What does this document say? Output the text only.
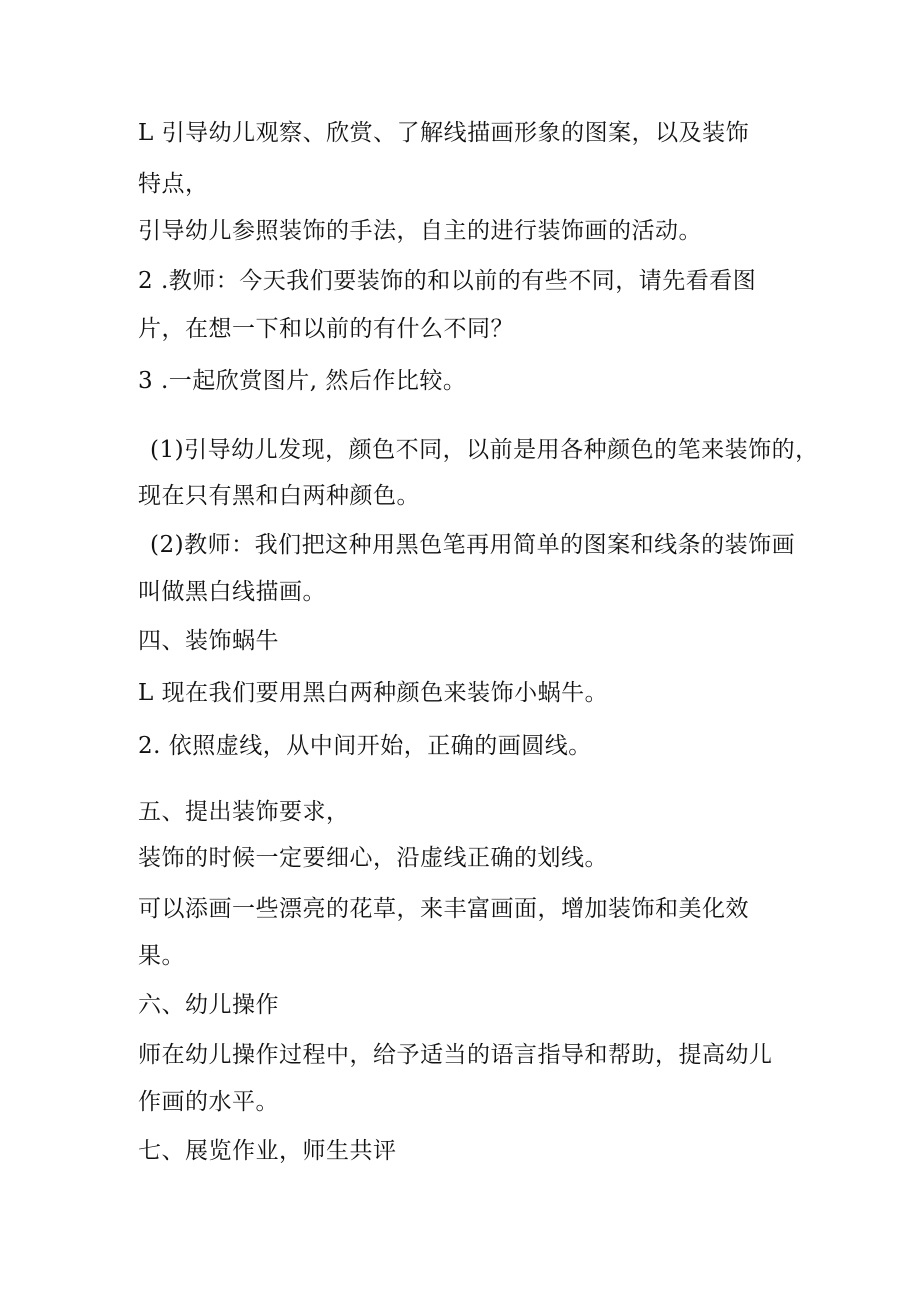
L 引导幼儿观察、欣赏、了解线描画形象的图案，以及装饰
特点，
引导幼儿参照装饰的手法，自主的进行装饰画的活动。
2 .教师：今天我们要装饰的和以前的有些不同，请先看看图
片，在想一下和以前的有什么不同？
3 .一起欣赏图片, 然后作比较。
(1)引导幼儿发现，颜色不同，以前是用各种颜色的笔来装饰的，
现在只有黑和白两种颜色。
(2)教师：我们把这种用黑色笔再用简单的图案和线条的装饰画
叫做黑白线描画。
四、装饰蜗牛
L 现在我们要用黑白两种颜色来装饰小蜗牛。
2. 依照虚线，从中间开始，正确的画圆线。
五、提出装饰要求，
装饰的时候一定要细心，沿虚线正确的划线。
可以添画一些漂亮的花草，来丰富画面，增加装饰和美化效
果。
六、幼儿操作
师在幼儿操作过程中，给予适当的语言指导和帮助，提高幼儿
作画的水平。
七、展览作业，师生共评
